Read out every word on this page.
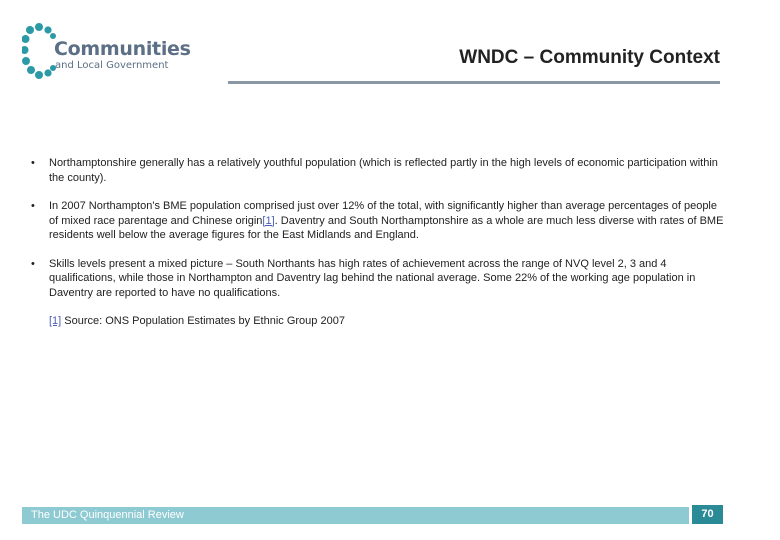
Communities
and Local Government	WNDC – Community Context
• Northamptonshire generally has a relatively youthful population (which is reflected partly in the high levels of economic participation within the county).
• In 2007 Northampton's BME population comprised just over 12% of the total, with significantly higher than average percentages of people of mixed race parentage and Chinese origin[1]. Daventry and South Northamptonshire as a whole are much less diverse with rates of BME residents well below the average figures for the East Midlands and England.
• Skills levels present a mixed picture – South Northants has high rates of achievement across the range of NVQ level 2, 3 and 4 qualifications, while those in Northampton and Daventry lag behind the national average. Some 22% of the working age population in Daventry are reported to have no qualifications.
[1] Source: ONS Population Estimates by Ethnic Group 2007
The UDC Quinquennial Review	70
